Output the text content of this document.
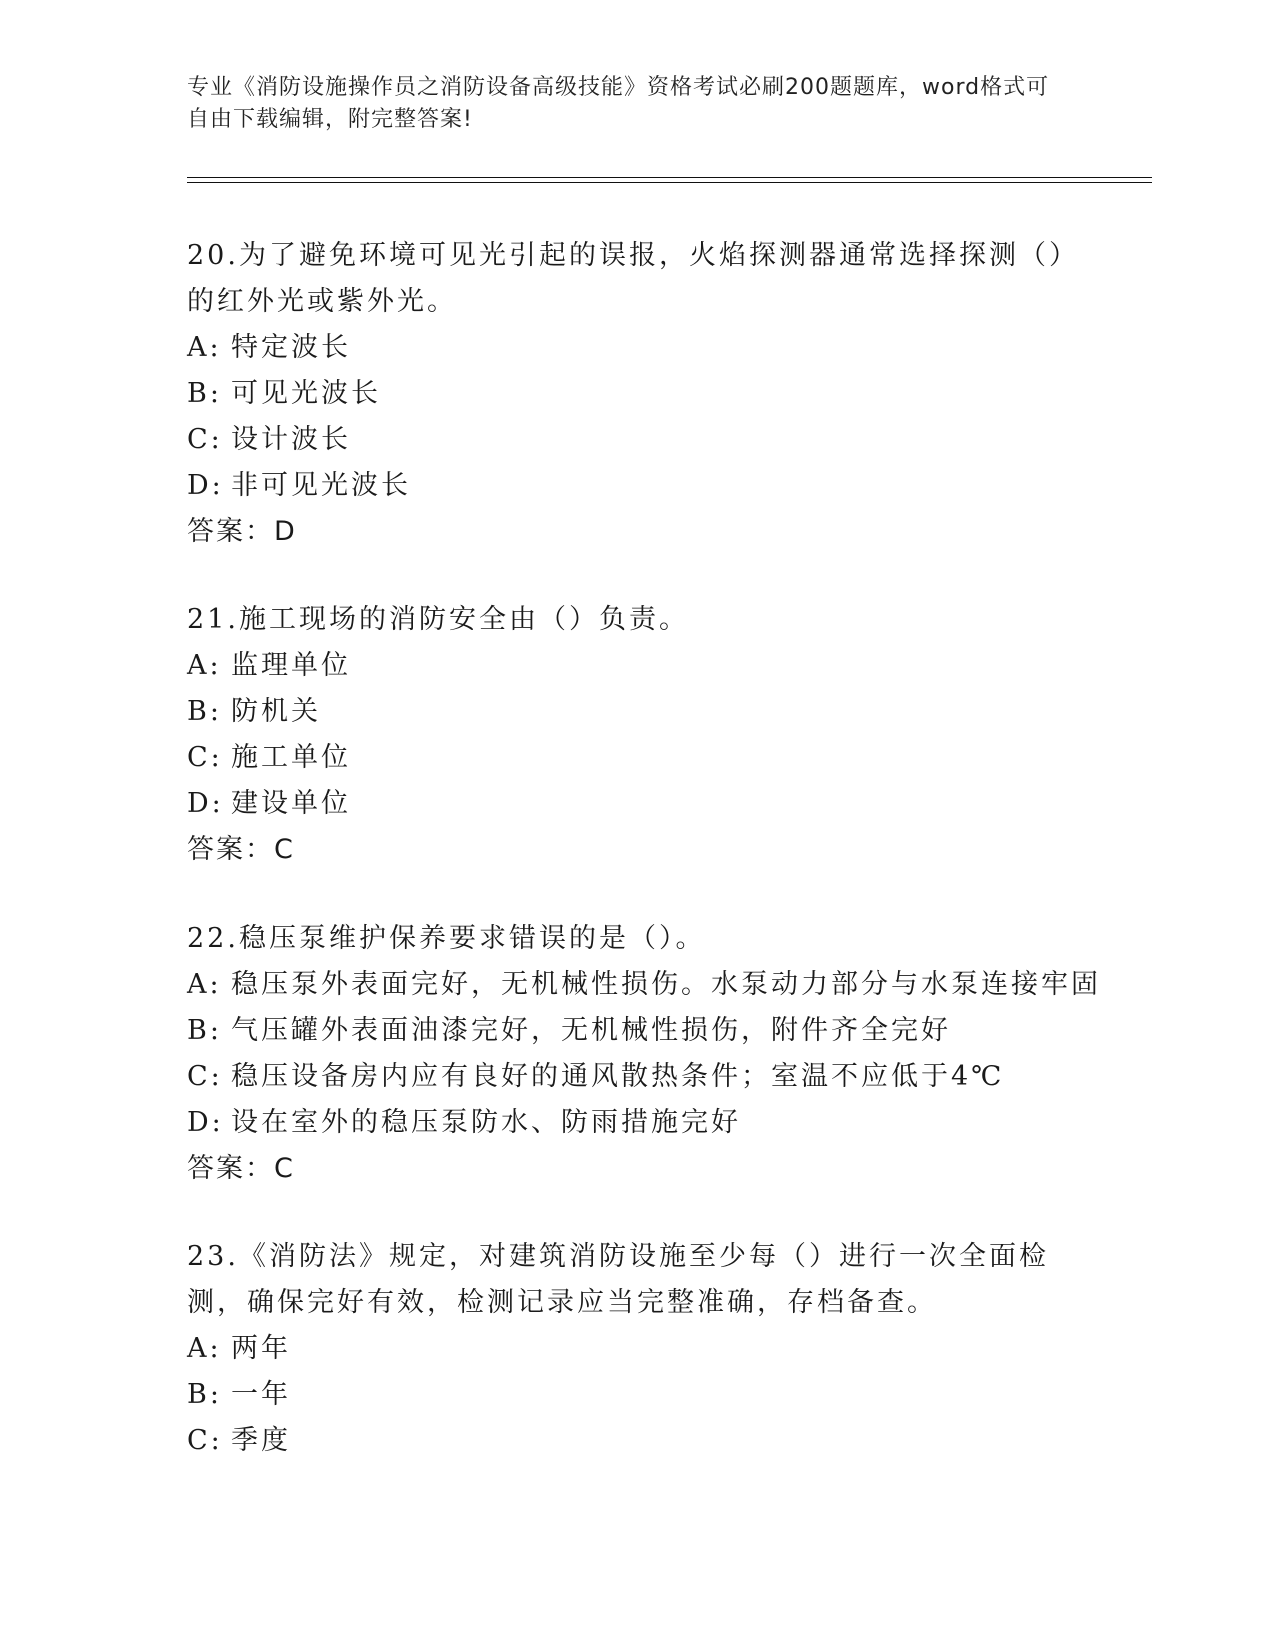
专业《消防设施操作员之消防设备高级技能》资格考试必刷200题题库，word格式可自由下载编辑，附完整答案!
20.为了避免环境可见光引起的误报，火焰探测器通常选择探测（）的红外光或紫外光。
A: 特定波长
B: 可见光波长
C: 设计波长
D: 非可见光波长
答案：D
21.施工现场的消防安全由（）负责。
A: 监理单位
B: 防机关
C: 施工单位
D: 建设单位
答案：C
22.稳压泵维护保养要求错误的是（）。
A: 稳压泵外表面完好，无机械性损伤。水泵动力部分与水泵连接牢固
B: 气压罐外表面油漆完好，无机械性损伤，附件齐全完好
C: 稳压设备房内应有良好的通风散热条件；室温不应低于4℃
D: 设在室外的稳压泵防水、防雨措施完好
答案：C
23.《消防法》规定，对建筑消防设施至少每（）进行一次全面检测，确保完好有效，检测记录应当完整准确，存档备查。
A: 两年
B: 一年
C: 季度
